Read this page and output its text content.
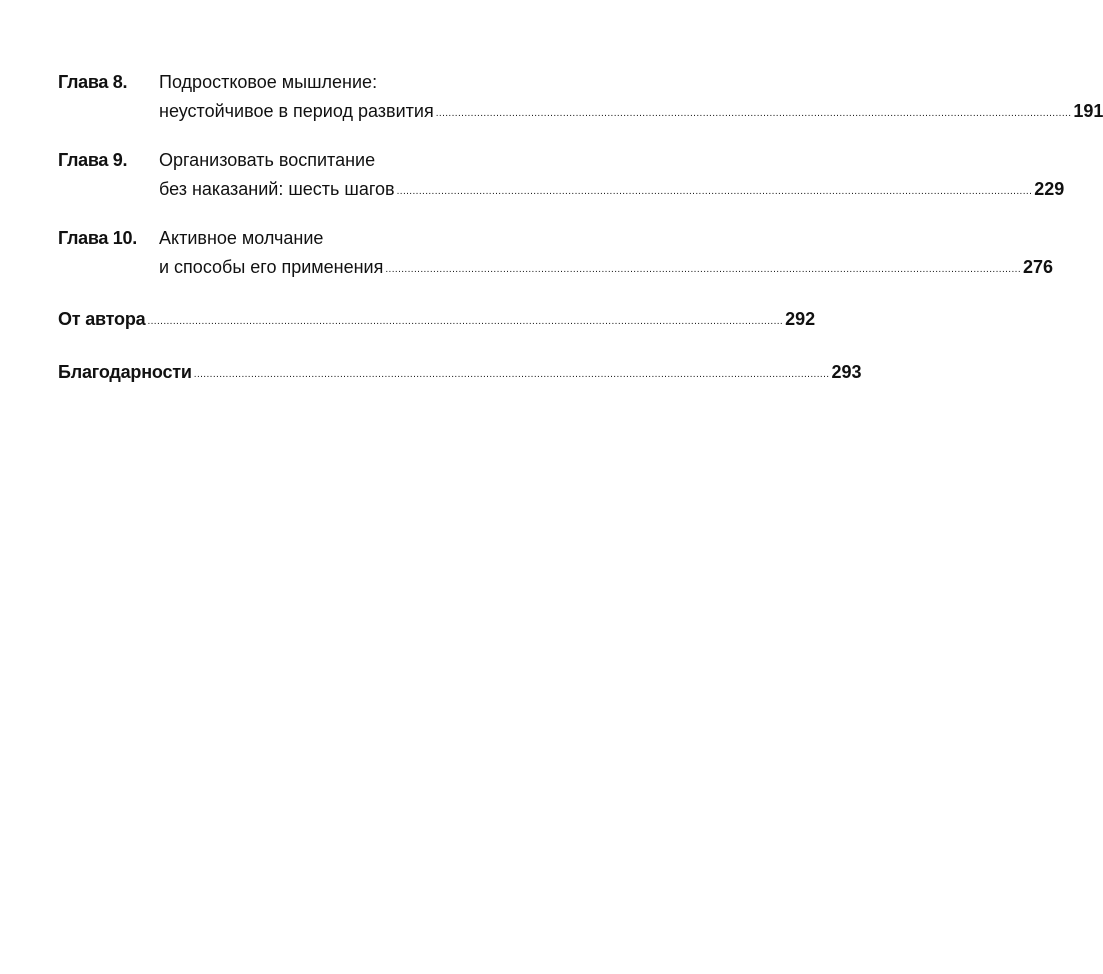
Глава 8.	Подростковое мышление:
неустойчивое в период развития ........................................................................................................................................................................................................ 191
Глава 9.	Организовать воспитание
без наказаний: шесть шагов ........................................................................................................................................................................................................ 229
Глава 10.	Активное молчание
и способы его применения ........................................................................................................................................................................................................ 276
От автора ........................................................................................................................................................................................................ 292
Благодарности ........................................................................................................................................................................................................ 293
